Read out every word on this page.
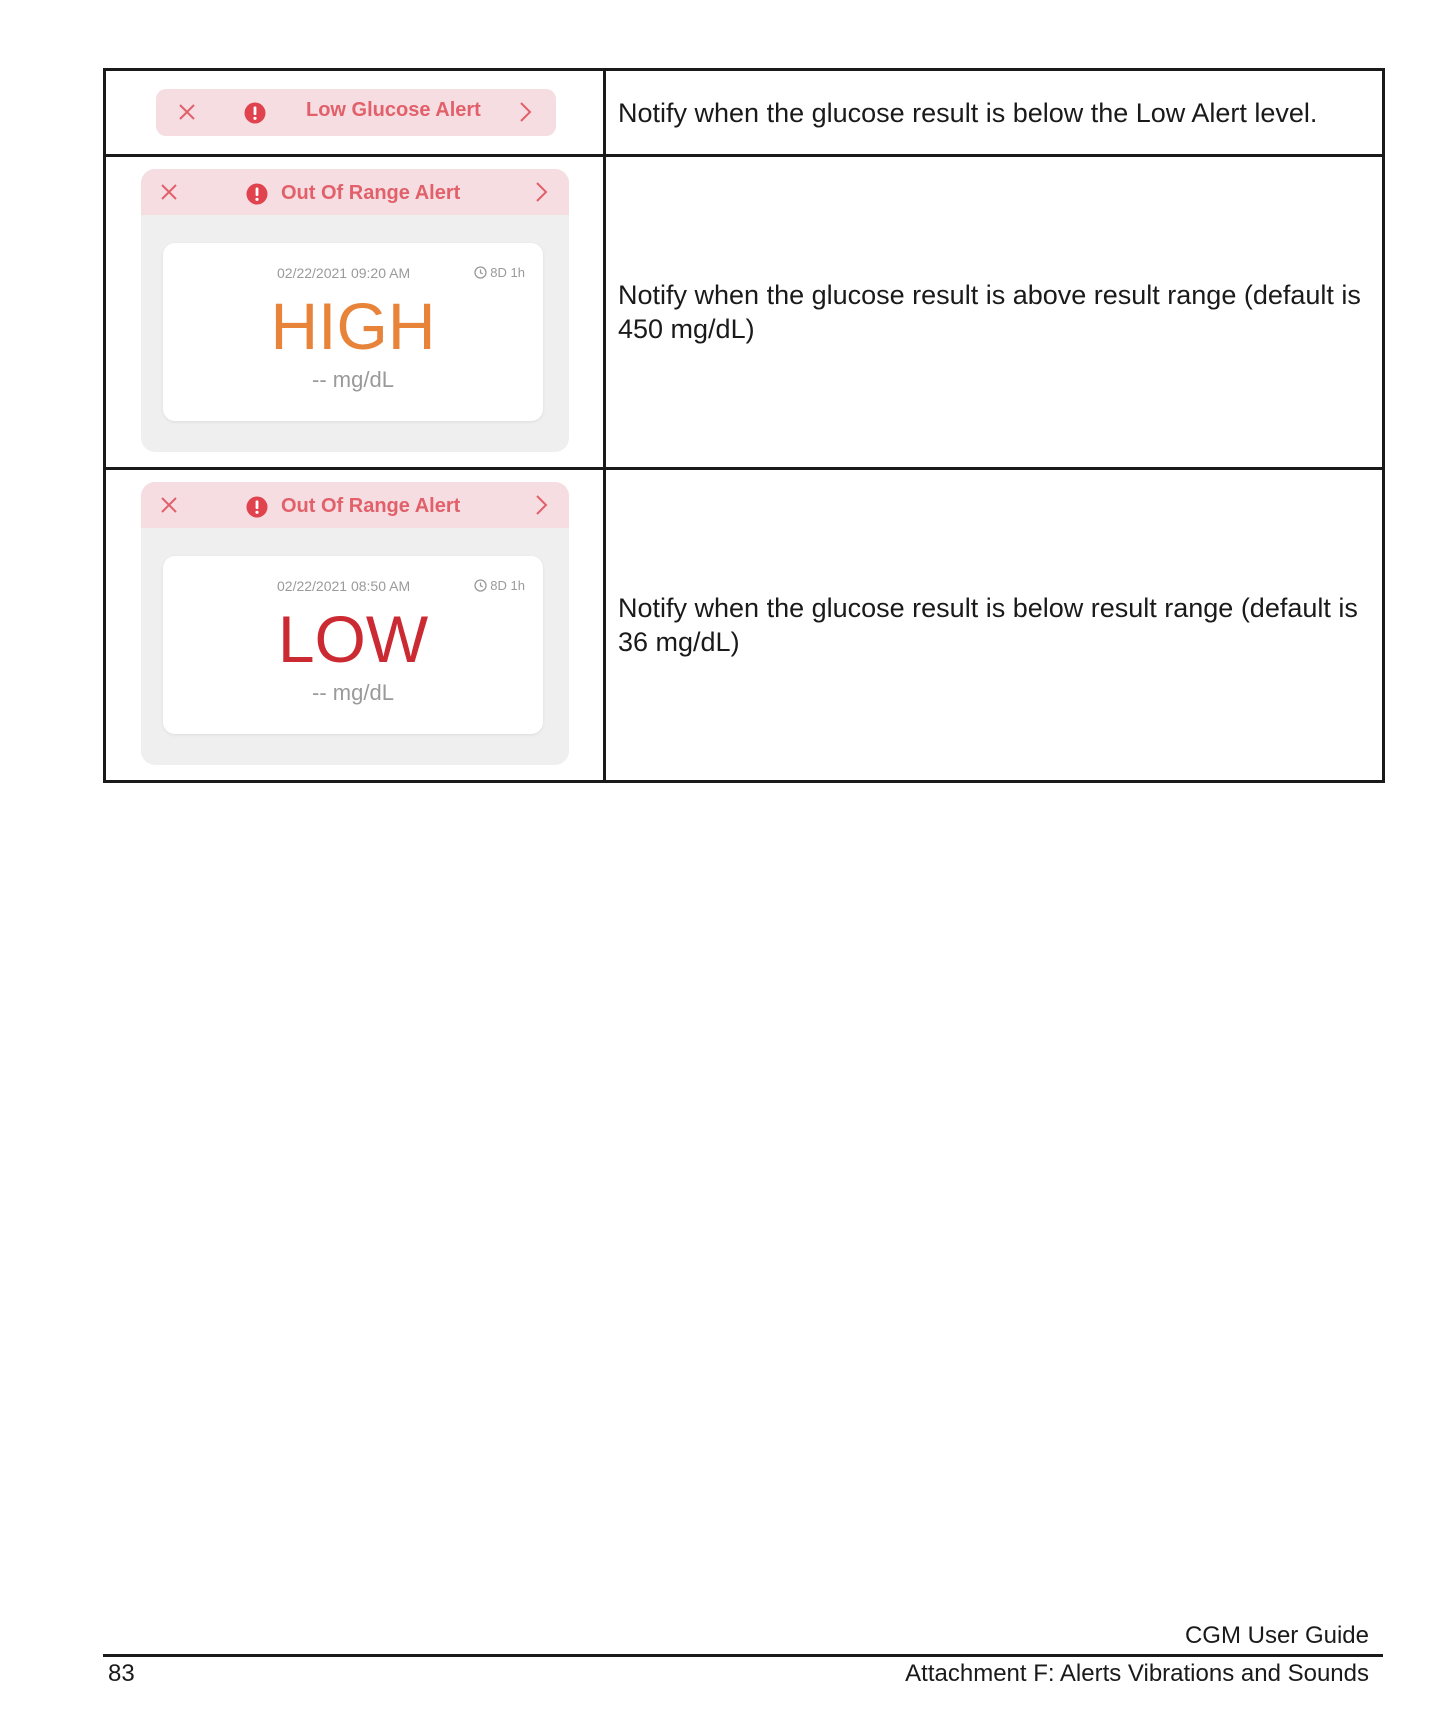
Low Glucose Alert	Notify when the glucose result is below the Low Alert level.

Out Of Range Alert
02/22/2021 09:20 AM 8D 1h
HIGH
-- mg/dL	Notify when the glucose result is above result range (default is 450 mg/dL)

Out Of Range Alert
02/22/2021 08:50 AM 8D 1h
LOW
-- mg/dL	Notify when the glucose result is below result range (default is 36 mg/dL)
CGM User Guide
83	Attachment F: Alerts Vibrations and Sounds
